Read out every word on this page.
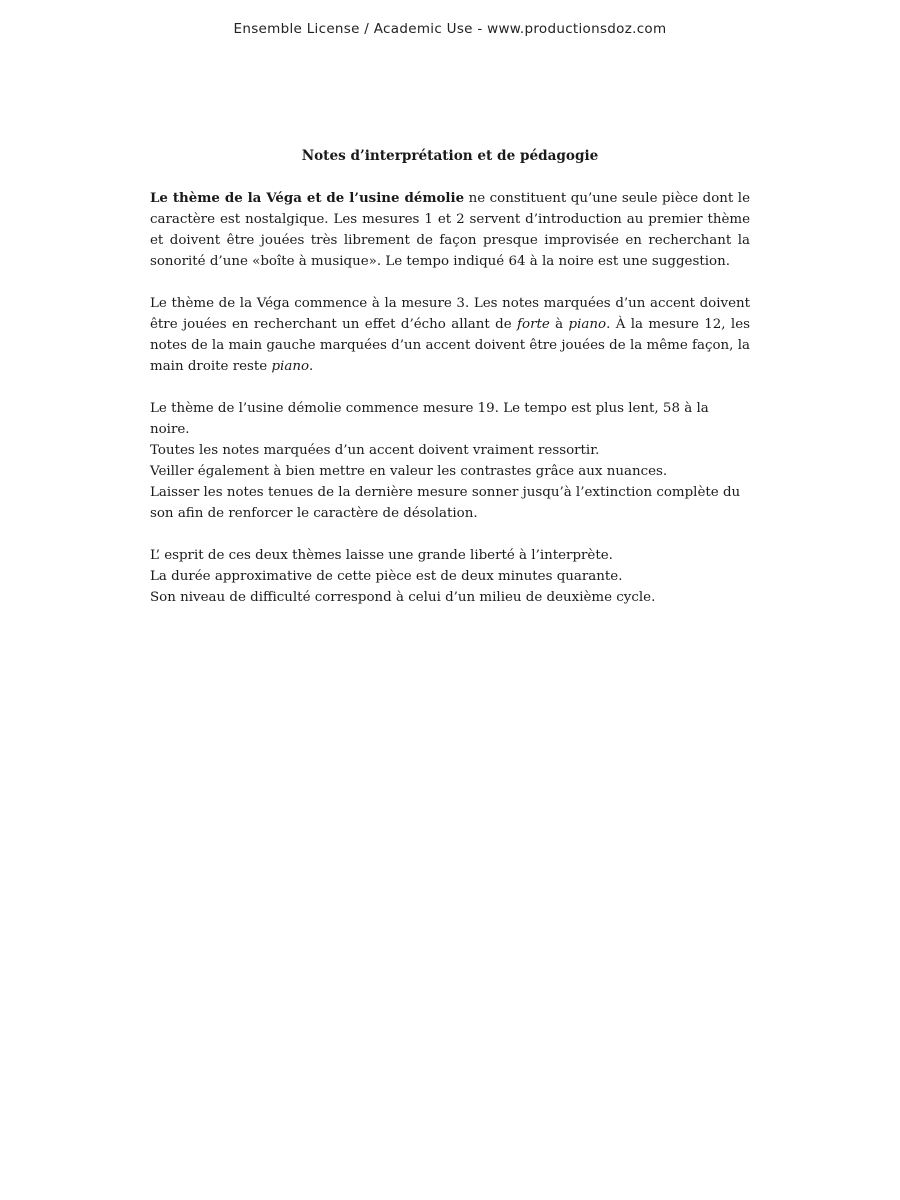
Ensemble License / Academic Use - www.productionsdoz.com
Notes d’interprétation et de pédagogie
Le thème de la Véga et de l’usine démolie ne constituent qu’une seule pièce dont le caractère est nostalgique. Les mesures 1 et 2 servent d’introduction au premier thème et doivent être jouées très librement de façon presque improvisée en recherchant la sonorité d’une «boîte à musique». Le tempo indiqué 64 à la noire est une suggestion.
Le thème de la Véga commence à la mesure 3. Les notes marquées d’un accent doivent être jouées en recherchant un effet d’écho allant de forte à piano. À la mesure 12, les notes de la main gauche marquées d’un accent doivent être jouées de la même façon, la main droite reste piano.
Le thème de l’usine démolie commence mesure 19. Le tempo est plus lent, 58 à la noire.
Toutes les notes marquées d’un accent doivent vraiment ressortir.
Veiller également à bien mettre en valeur les contrastes grâce aux nuances.
Laisser les notes tenues de la dernière mesure sonner jusqu’à l’extinction complète du son afin de renforcer le caractère de désolation.
L’ esprit de ces deux thèmes laisse une grande liberté à l’interprète.
La durée approximative de cette pièce est de deux minutes quarante.
Son niveau de difficulté correspond à celui d’un milieu de deuxième cycle.
